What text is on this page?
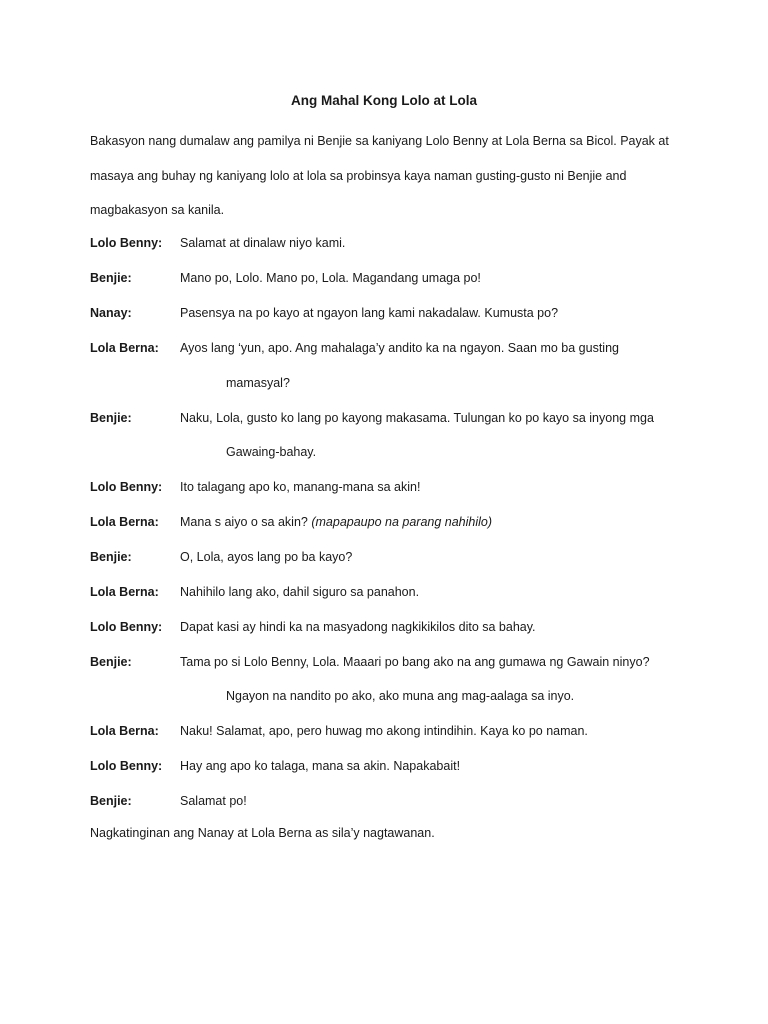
Ang Mahal Kong Lolo at Lola
Bakasyon nang dumalaw ang pamilya ni Benjie sa kaniyang Lolo Benny at Lola Berna sa Bicol. Payak at masaya ang buhay ng kaniyang lolo at lola sa probinsya kaya naman gusting-gusto ni Benjie and magbakasyon sa kanila.
Lolo Benny: Salamat at dinalaw niyo kami.
Benjie:	Mano po, Lolo. Mano po, Lola. Magandang umaga po!
Nanay:	Pasensya na po kayo at ngayon lang kami nakadalaw. Kumusta po?
Lola Berna: Ayos lang ‘yun, apo. Ang mahalaga’y andito ka na ngayon. Saan mo ba gusting
mamasyal?
Benjie:	Naku, Lola, gusto ko lang po kayong makasama. Tulungan ko po kayo sa inyong mga
Gawaing-bahay.
Lolo Benny: Ito talagang apo ko, manang-mana sa akin!
Lola Berna: Mana s aiyo o sa akin? (mapapaupo na parang nahihilo)
Benjie:	O, Lola, ayos lang po ba kayo?
Lola Berna: Nahihilo lang ako, dahil siguro sa panahon.
Lolo Benny: Dapat kasi ay hindi ka na masyadong nagkikikilos dito sa bahay.
Benjie:	Tama po si Lolo Benny, Lola. Maaari po bang ako na ang gumawa ng Gawain ninyo?
Ngayon na nandito po ako, ako muna ang mag-aalaga sa inyo.
Lola Berna: Naku! Salamat, apo, pero huwag mo akong intindihin. Kaya ko po naman.
Lolo Benny: Hay ang apo ko talaga, mana sa akin. Napakabait!
Benjie:	Salamat po!
Nagkatinginan ang Nanay at Lola Berna as sila’y nagtawanan.
